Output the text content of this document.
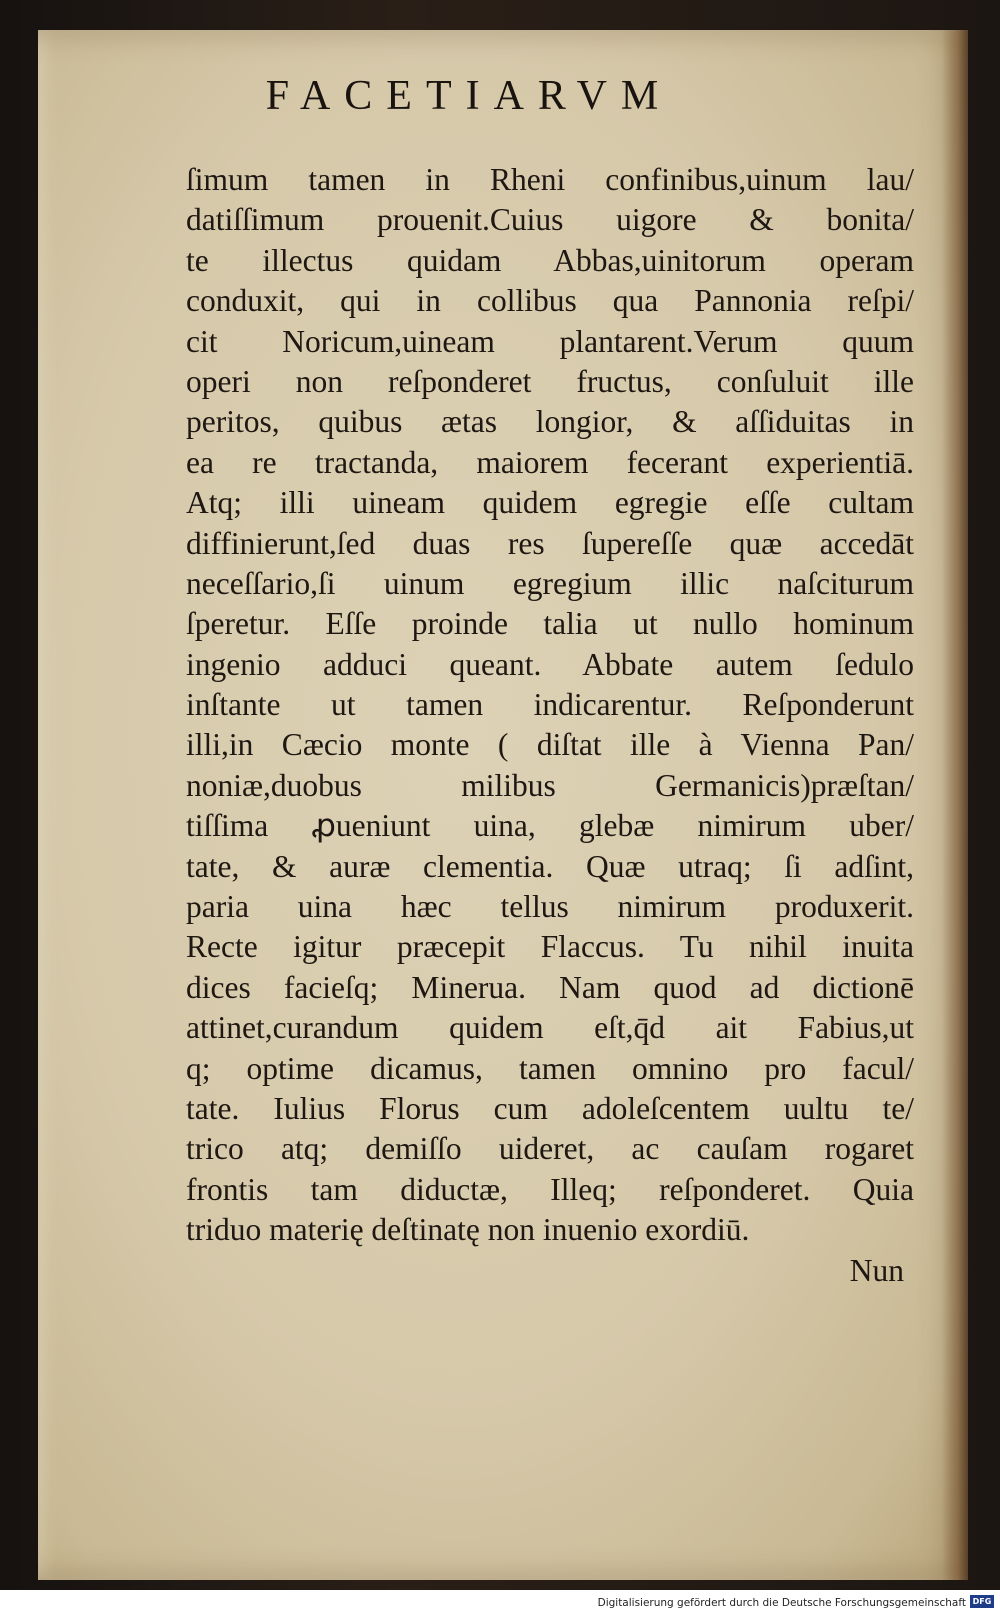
FACETIARVM
ſimum tamen in Rheni confinibus,uinum lau/
datiſſimum prouenit.Cuius uigore & bonita/
te illectus quidam Abbas,uinitorum operam
conduxit, qui in collibus qua Pannonia reſpi/
cit Noricum,uineam plantarent.Verum quum
operi non reſponderet fructus, conſuluit ille
peritos, quibus ætas longior, & aſſiduitas in
ea re tractanda, maiorem fecerant experientiā.
Atq; illi uineam quidem egregie eſſe cultam
diffinierunt,ſed duas res ſupereſſe quæ accedāt
neceſſario,ſi uinum egregium illic naſciturum
ſperetur. Eſſe proinde talia ut nullo hominum
ingenio adduci queant. Abbate autem ſedulo
inſtante ut tamen indicarentur. Reſponderunt
illi,in Cæcio monte ( diſtat ille à Vienna Pan/
noniæ,duobus milibus Germanicis)præſtan/
tiſſima ꝓueniunt uina, glebæ nimirum uber/
tate, & auræ clementia. Quæ utraq; ſi adſint,
paria uina hæc tellus nimirum produxerit.
Recte igitur præcepit Flaccus. Tu nihil inuita
dices facieſq; Minerua. Nam quod ad dictionē
attinet,curandum quidem eſt,q̄d ait Fabius,ut
q; optime dicamus, tamen omnino pro facul/
tate. Iulius Florus cum adoleſcentem uultu te/
trico atq; demiſſo uideret, ac cauſam rogaret
frontis tam diductæ, Illeq; reſponderet. Quia
triduo materię deſtinatę non inuenio exordiū.
Nun
Digitalisierung gefördert durch die Deutsche Forschungsgemeinschaft DFG
